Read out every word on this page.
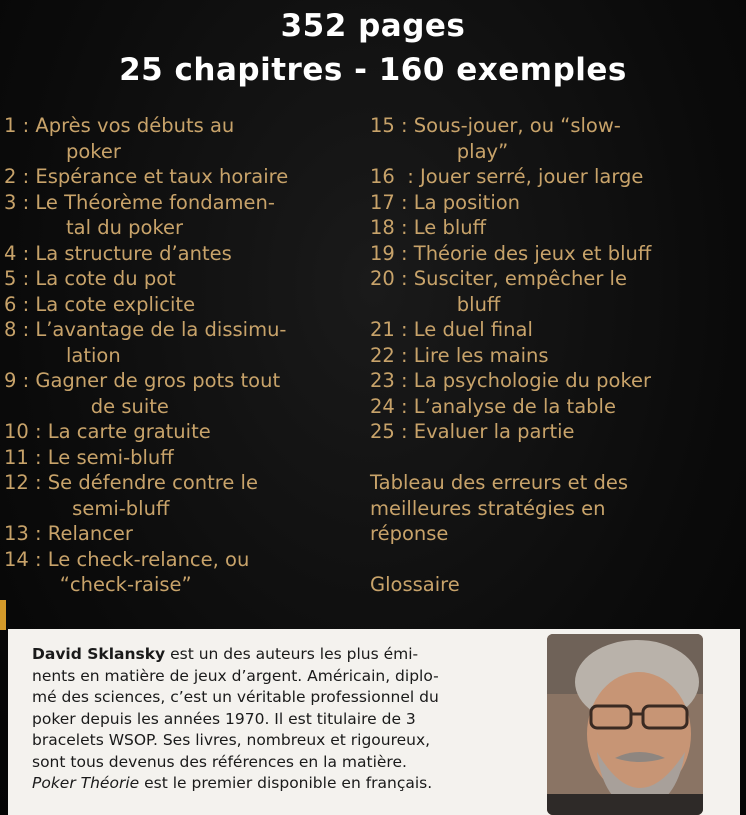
352 pages
25 chapitres - 160 exemples
1 : Après vos débuts au
poker
2 : Espérance et taux horaire
3 : Le Théorème fondamen-
tal du poker
4 : La structure d’antes
5 : La cote du pot
6 : La cote explicite
8 : L’avantage de la dissimu-
lation
9 : Gagner de gros pots tout
de suite
10 : La carte gratuite
11 : Le semi-bluff
12 : Se défendre contre le
semi-bluff
13 : Relancer
14 : Le check-relance, ou
“check-raise”
15 : Sous-jouer, ou “slow-
play”
16  : Jouer serré, jouer large
17 : La position
18 : Le bluff
19 : Théorie des jeux et bluff
20 : Susciter, empêcher le
bluff
21 : Le duel final
22 : Lire les mains
23 : La psychologie du poker
24 : L’analyse de la table
25 : Evaluer la partie
Tableau des erreurs et des
meilleures stratégies en
réponse
Glossaire
David Sklansky est un des auteurs les plus émi-
nents en matière de jeux d’argent. Américain, diplo-
mé des sciences, c’est un véritable professionnel du
poker depuis les années 1970. Il est titulaire de 3
bracelets WSOP. Ses livres, nombreux et rigoureux,
sont tous devenus des références en la matière.
Poker Théorie est le premier disponible en français.
